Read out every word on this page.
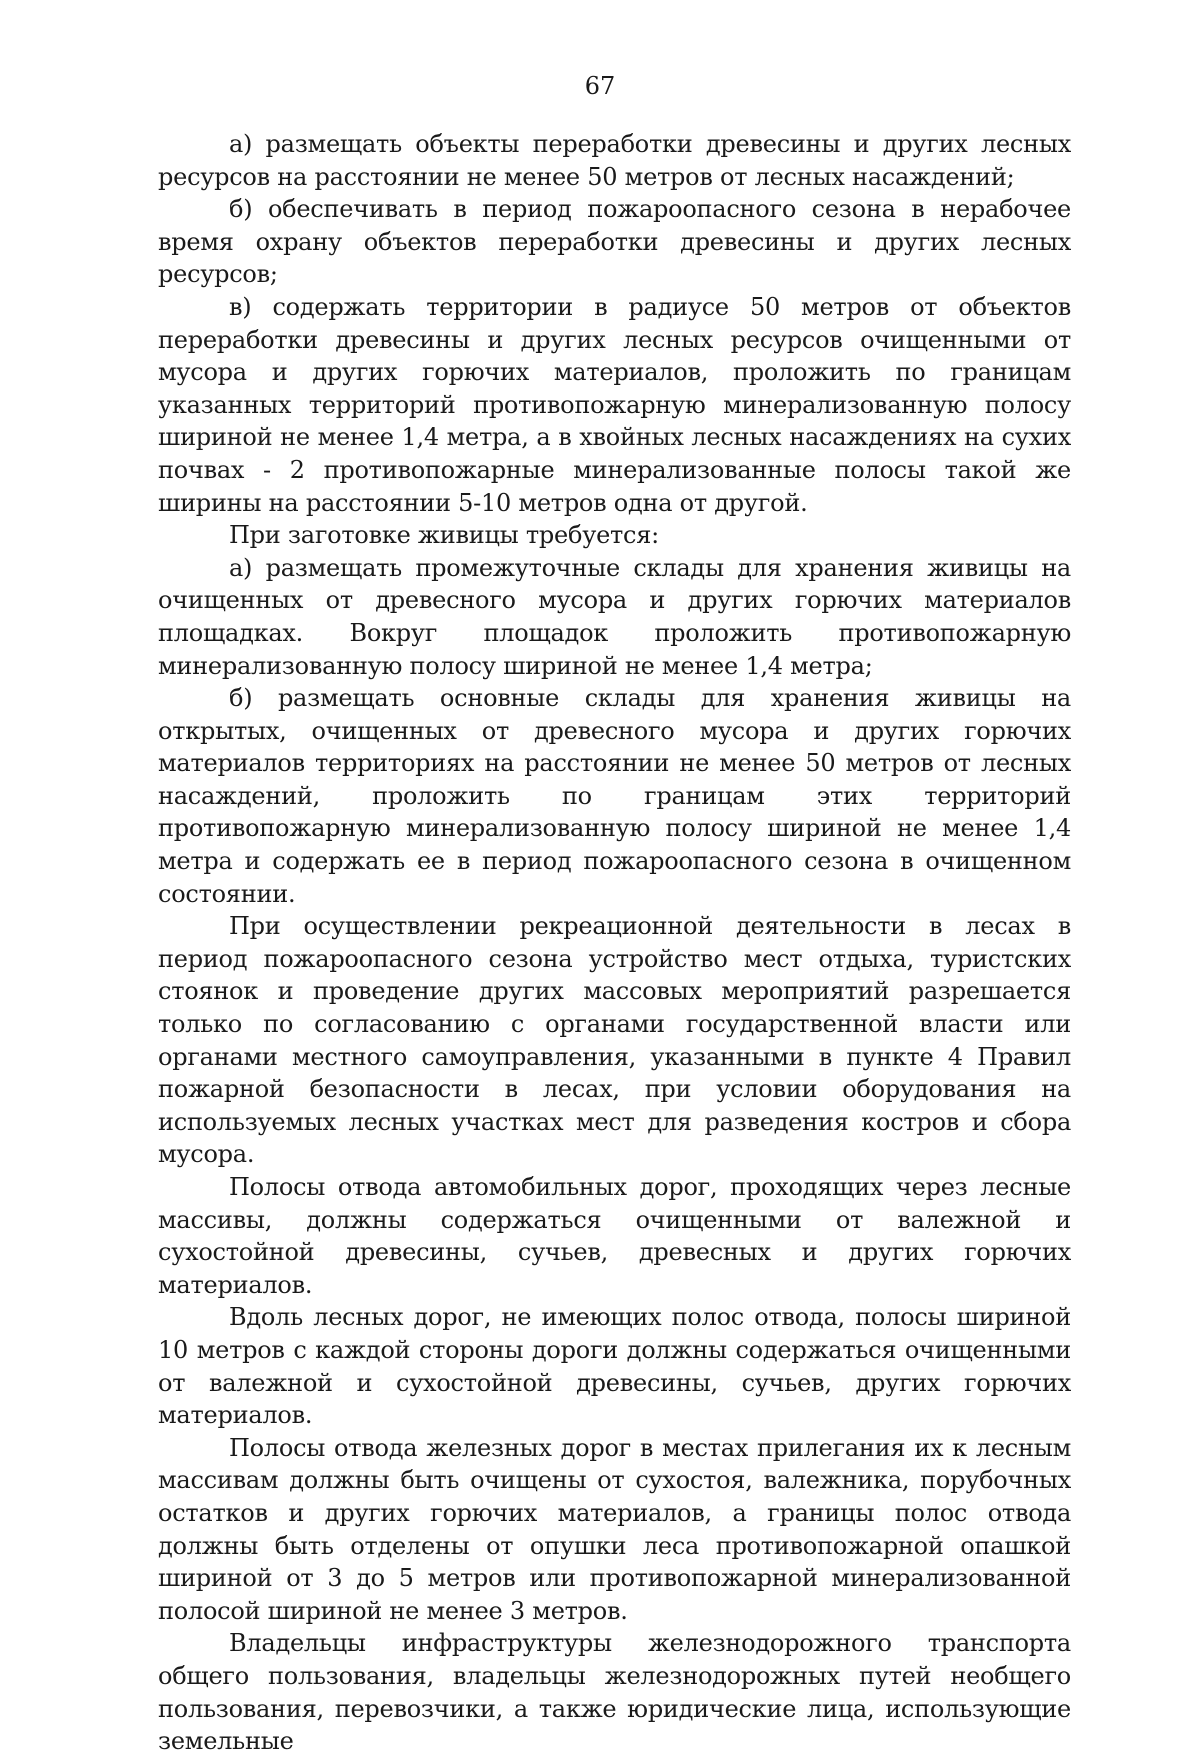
67

а) размещать объекты переработки древесины и других лесных ресурсов на расстоянии не менее 50 метров от лесных насаждений;

б) обеспечивать в период пожароопасного сезона в нерабочее время охрану объектов переработки древесины и других лесных ресурсов;

в) содержать территории в радиусе 50 метров от объектов переработки древесины и других лесных ресурсов очищенными от мусора и других горючих материалов, проложить по границам указанных территорий противопожарную минерализованную полосу шириной не менее 1,4 метра, а в хвойных лесных насаждениях на сухих почвах - 2 противопожарные минерализованные полосы такой же ширины на расстоянии 5-10 метров одна от другой.

При заготовке живицы требуется:

а) размещать промежуточные склады для хранения живицы на очищенных от древесного мусора и других горючих материалов площадках. Вокруг площадок проложить противопожарную минерализованную полосу шириной не менее 1,4 метра;

б) размещать основные склады для хранения живицы на открытых, очищенных от древесного мусора и других горючих материалов территориях на расстоянии не менее 50 метров от лесных насаждений, проложить по границам этих территорий противопожарную минерализованную полосу шириной не менее 1,4 метра и содержать ее в период пожароопасного сезона в очищенном состоянии.

При осуществлении рекреационной деятельности в лесах в период пожароопасного сезона устройство мест отдыха, туристских стоянок и проведение других массовых мероприятий разрешается только по согласованию с органами государственной власти или органами местного самоуправления, указанными в пункте 4 Правил пожарной безопасности в лесах, при условии оборудования на используемых лесных участках мест для разведения костров и сбора мусора.

Полосы отвода автомобильных дорог, проходящих через лесные массивы, должны содержаться очищенными от валежной и сухостойной древесины, сучьев, древесных и других горючих материалов.

Вдоль лесных дорог, не имеющих полос отвода, полосы шириной 10 метров с каждой стороны дороги должны содержаться очищенными от валежной и сухостойной древесины, сучьев, других горючих материалов.

Полосы отвода железных дорог в местах прилегания их к лесным массивам должны быть очищены от сухостоя, валежника, порубочных остатков и других горючих материалов, а границы полос отвода должны быть отделены от опушки леса противопожарной опашкой шириной от 3 до 5 метров или противопожарной минерализованной полосой шириной не менее 3 метров.

Владельцы инфраструктуры железнодорожного транспорта общего пользования, владельцы железнодорожных путей необщего пользования, перевозчики, а также юридические лица, использующие земельные
